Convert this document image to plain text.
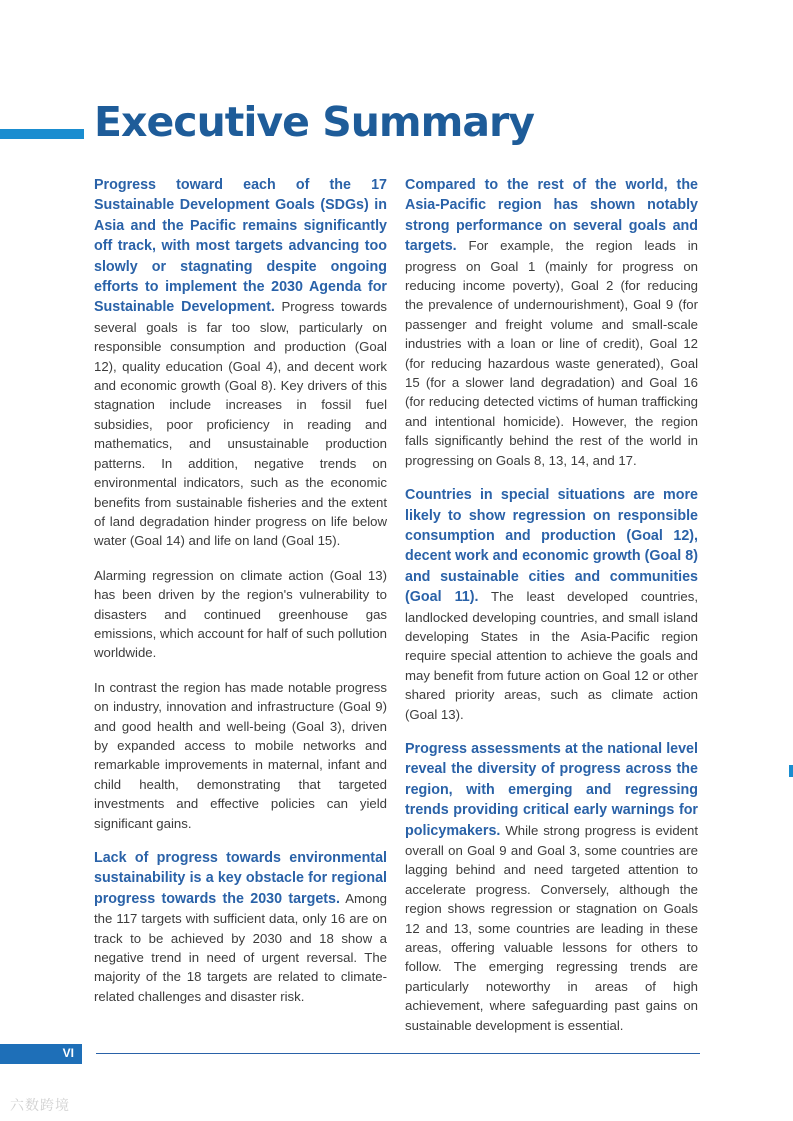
Executive Summary

Progress toward each of the 17 Sustainable Development Goals (SDGs) in Asia and the Pacific remains significantly off track, with most targets advancing too slowly or stagnating despite ongoing efforts to implement the 2030 Agenda for Sustainable Development. Progress towards several goals is far too slow, particularly on responsible consumption and production (Goal 12), quality education (Goal 4), and decent work and economic growth (Goal 8). Key drivers of this stagnation include increases in fossil fuel subsidies, poor proficiency in reading and mathematics, and unsustainable production patterns. In addition, negative trends on environmental indicators, such as the economic benefits from sustainable fisheries and the extent of land degradation hinder progress on life below water (Goal 14) and life on land (Goal 15).

Alarming regression on climate action (Goal 13) has been driven by the region's vulnerability to disasters and continued greenhouse gas emissions, which account for half of such pollution worldwide.

In contrast the region has made notable progress on industry, innovation and infrastructure (Goal 9) and good health and well-being (Goal 3), driven by expanded access to mobile networks and remarkable improvements in maternal, infant and child health, demonstrating that targeted investments and effective policies can yield significant gains.

Lack of progress towards environmental sustainability is a key obstacle for regional progress towards the 2030 targets. Among the 117 targets with sufficient data, only 16 are on track to be achieved by 2030 and 18 show a negative trend in need of urgent reversal. The majority of the 18 targets are related to climate-related challenges and disaster risk.

Compared to the rest of the world, the Asia-Pacific region has shown notably strong performance on several goals and targets. For example, the region leads in progress on Goal 1 (mainly for progress on reducing income poverty), Goal 2 (for reducing the prevalence of undernourishment), Goal 9 (for passenger and freight volume and small-scale industries with a loan or line of credit), Goal 12 (for reducing hazardous waste generated), Goal 15 (for a slower land degradation) and Goal 16 (for reducing detected victims of human trafficking and intentional homicide). However, the region falls significantly behind the rest of the world in progressing on Goals 8, 13, 14, and 17.

Countries in special situations are more likely to show regression on responsible consumption and production (Goal 12), decent work and economic growth (Goal 8) and sustainable cities and communities (Goal 11). The least developed countries, landlocked developing countries, and small island developing States in the Asia-Pacific region require special attention to achieve the goals and may benefit from future action on Goal 12 or other shared priority areas, such as climate action (Goal 13).

Progress assessments at the national level reveal the diversity of progress across the region, with emerging and regressing trends providing critical early warnings for policymakers. While strong progress is evident overall on Goal 9 and Goal 3, some countries are lagging behind and need targeted attention to accelerate progress. Conversely, although the region shows regression or stagnation on Goals 12 and 13, some countries are leading in these areas, offering valuable lessons for others to follow. The emerging regressing trends are particularly noteworthy in areas of high achievement, where safeguarding past gains on sustainable development is essential.

VI
六数跨境
